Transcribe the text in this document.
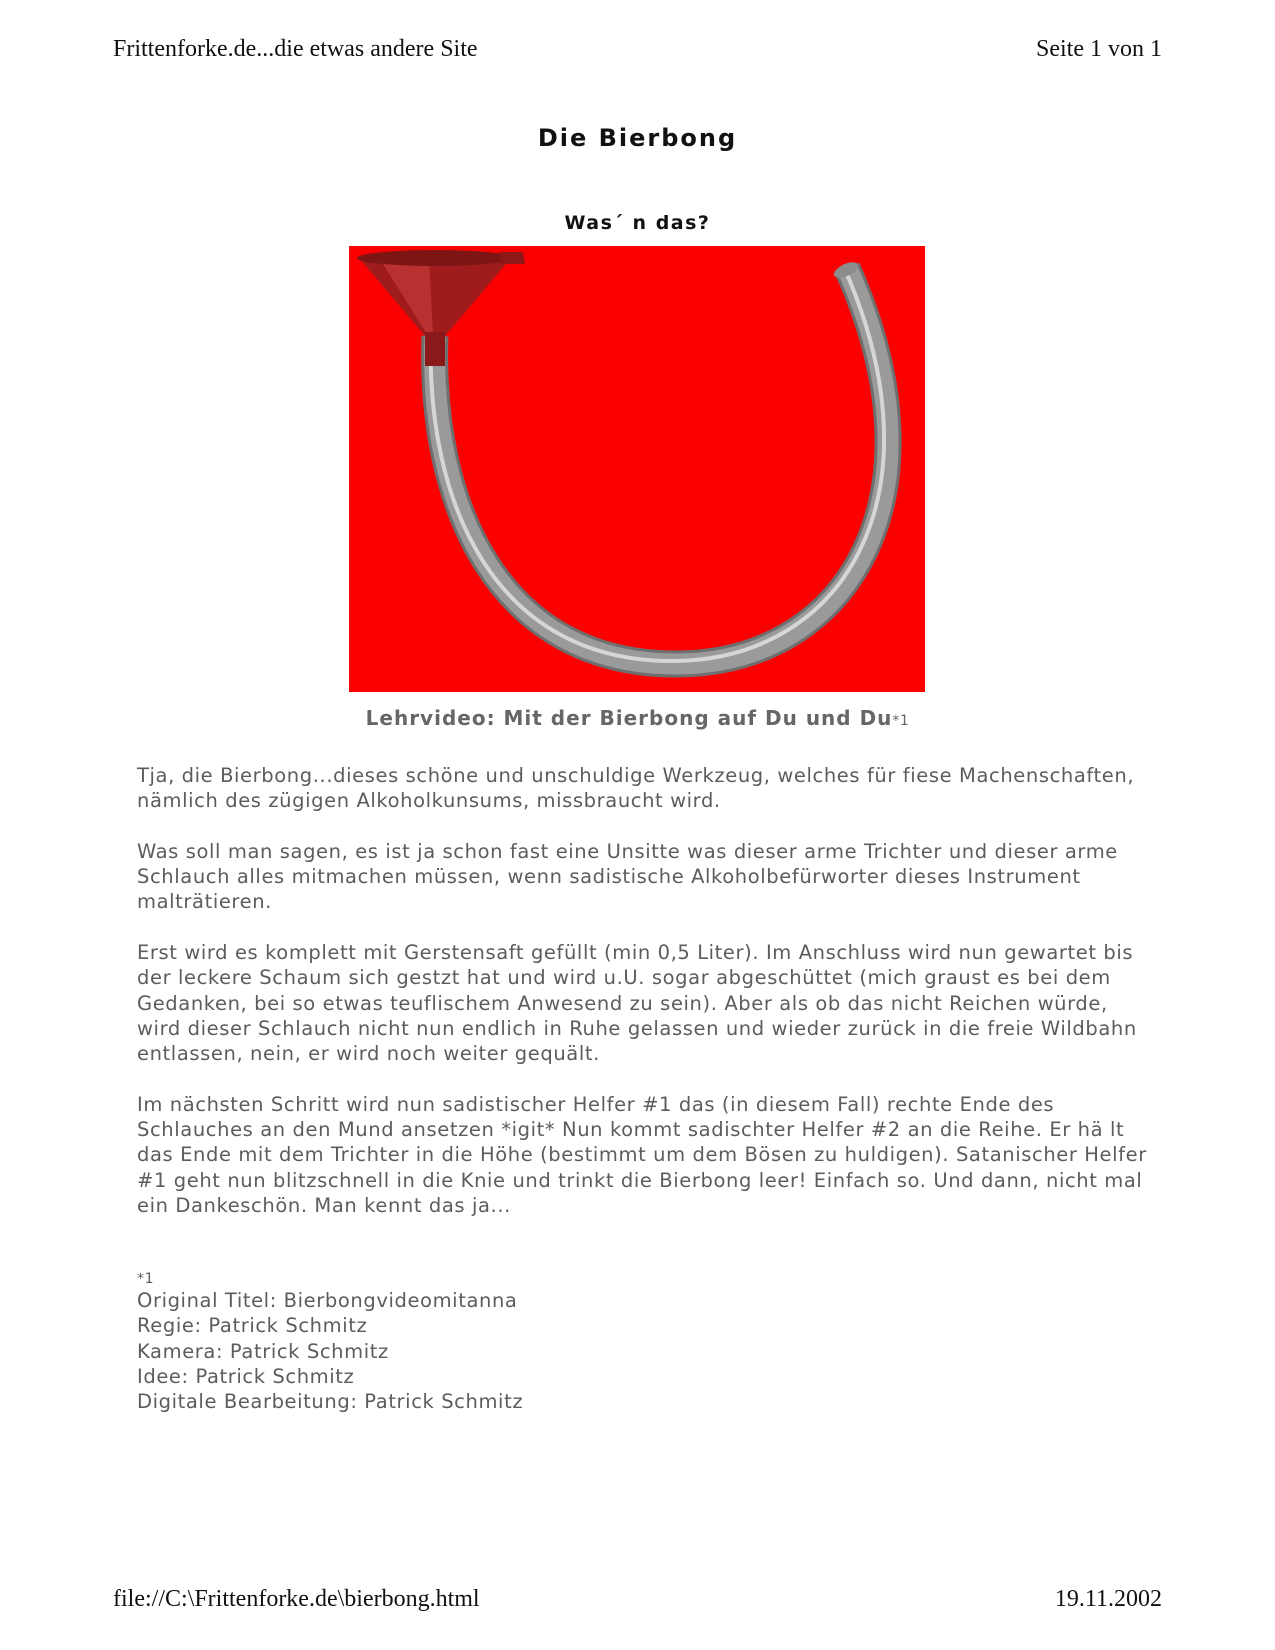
Frittenforke.de...die etwas andere Site	Seite 1 von 1
Die Bierbong
Was´ n das?
Lehrvideo: Mit der Bierbong auf Du und Du*1

Tja, die Bierbong...dieses schöne und unschuldige Werkzeug, welches für fiese Machenschaften, nämlich des zügigen Alkoholkunsums, missbraucht wird.

Was soll man sagen, es ist ja schon fast eine Unsitte was dieser arme Trichter und dieser arme Schlauch alles mitmachen müssen, wenn sadistische Alkoholbefürworter dieses Instrument malträtieren.

Erst wird es komplett mit Gerstensaft gefüllt (min 0,5 Liter). Im Anschluss wird nun gewartet bis der leckere Schaum sich gestzt hat und wird u.U. sogar abgeschüttet (mich graust es bei dem Gedanken, bei so etwas teuflischem Anwesend zu sein). Aber als ob das nicht Reichen würde, wird dieser Schlauch nicht nun endlich in Ruhe gelassen und wieder zurück in die freie Wildbahn entlassen, nein, er wird noch weiter gequält.

Im nächsten Schritt wird nun sadistischer Helfer #1 das (in diesem Fall) rechte Ende des Schlauches an den Mund ansetzen *igit* Nun kommt sadischter Helfer #2 an die Reihe. Er hä lt das Ende mit dem Trichter in die Höhe (bestimmt um dem Bösen zu huldigen). Satanischer Helfer #1 geht nun blitzschnell in die Knie und trinkt die Bierbong leer! Einfach so. Und dann, nicht mal ein Dankeschön. Man kennt das ja...

*1
Original Titel: Bierbongvideomitanna
Regie: Patrick Schmitz
Kamera: Patrick Schmitz
Idee: Patrick Schmitz
Digitale Bearbeitung: Patrick Schmitz
file://C:\Frittenforke.de\bierbong.html	19.11.2002
